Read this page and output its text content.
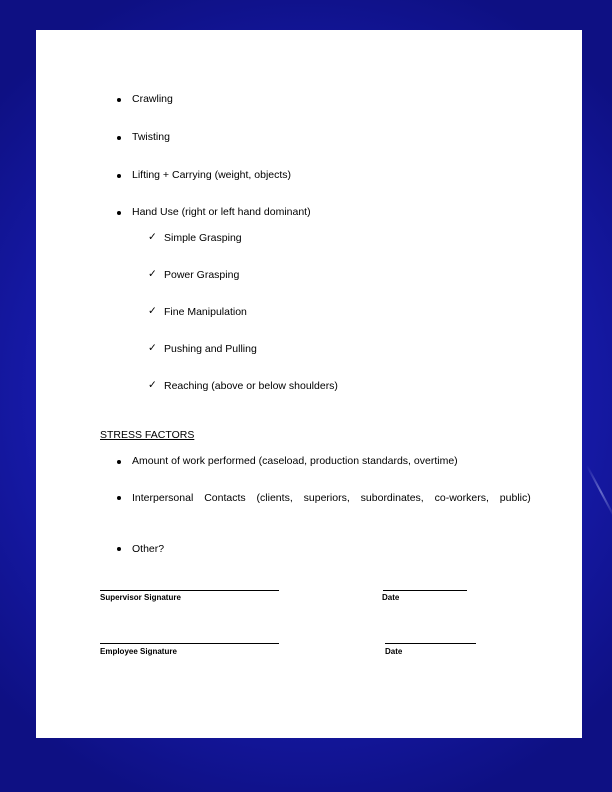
Crawling
Twisting
Lifting + Carrying (weight, objects)
Hand Use (right or left hand dominant)
✓ Simple Grasping
✓ Power Grasping
✓ Fine Manipulation
✓ Pushing and Pulling
✓ Reaching (above or below shoulders)
STRESS FACTORS
Amount of work performed (caseload, production standards, overtime)
Interpersonal Contacts (clients, superiors, subordinates, co-workers, public)
Other?
Supervisor Signature	Date
Employee Signature	Date
